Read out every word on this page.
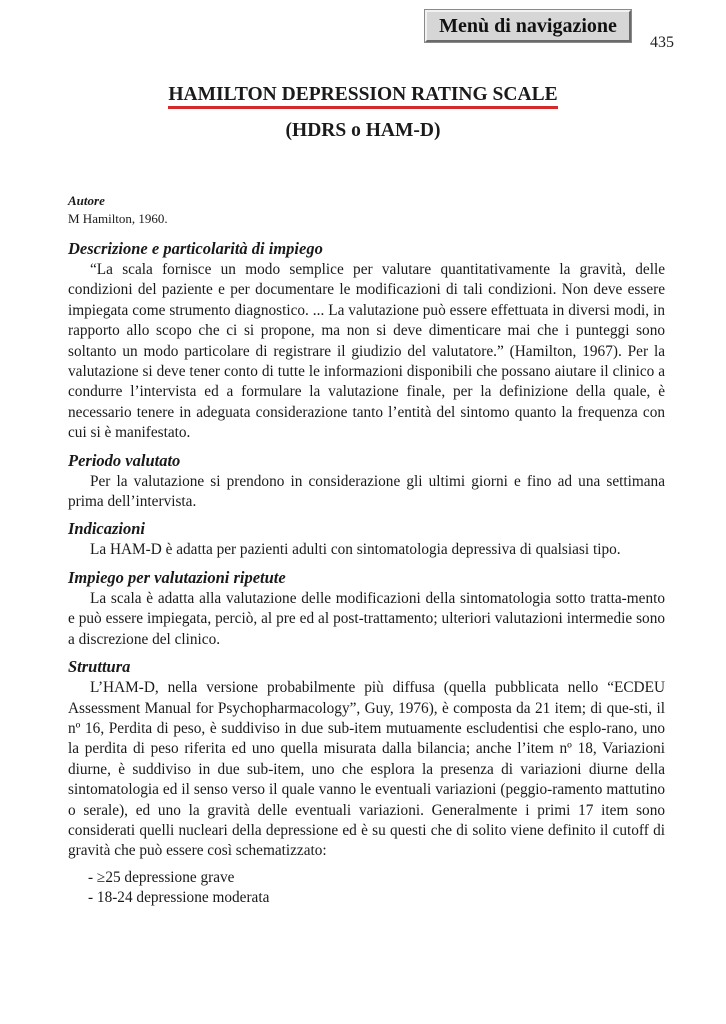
Menù di navigazione
435
HAMILTON DEPRESSION RATING SCALE
(HDRS o HAM-D)
Autore
M Hamilton, 1960.
Descrizione e particolarità di impiego

“La scala fornisce un modo semplice per valutare quantitativamente la gravità, delle condizioni del paziente e per documentare le modificazioni di tali condizioni. Non deve essere impiegata come strumento diagnostico. ... La valutazione può essere effettuata in diversi modi, in rapporto allo scopo che ci si propone, ma non si deve dimenticare mai che i punteggi sono soltanto un modo particolare di registrare il giudizio del valutatore.” (Hamilton, 1967). Per la valutazione si deve tener conto di tutte le informazioni disponibili che possano aiutare il clinico a condurre l’intervista ed a formulare la valutazione finale, per la definizione della quale, è necessario tenere in adeguata considerazione tanto l’entità del sintomo quanto la frequenza con cui si è manifestato.

Periodo valutato

Per la valutazione si prendono in considerazione gli ultimi giorni e fino ad una settimana prima dell’intervista.

Indicazioni

La HAM-D è adatta per pazienti adulti con sintomatologia depressiva di qualsiasi tipo.

Impiego per valutazioni ripetute

La scala è adatta alla valutazione delle modificazioni della sintomatologia sotto tratta-mento e può essere impiegata, perciò, al pre ed al post-trattamento; ulteriori valutazioni intermedie sono a discrezione del clinico.

Struttura

L’HAM-D, nella versione probabilmente più diffusa (quella pubblicata nello “ECDEU Assessment Manual for Psychopharmacology”, Guy, 1976), è composta da 21 item; di que-sti, il nº 16, Perdita di peso, è suddiviso in due sub-item mutuamente escludentisi che esplo-rano, uno la perdita di peso riferita ed uno quella misurata dalla bilancia; anche l’item nº 18, Variazioni diurne, è suddiviso in due sub-item, uno che esplora la presenza di variazioni diurne della sintomatologia ed il senso verso il quale vanno le eventuali variazioni (peggio-ramento mattutino o serale), ed uno la gravità delle eventuali variazioni. Generalmente i primi 17 item sono considerati quelli nucleari della depressione ed è su questi che di solito viene definito il cutoff di gravità che può essere così schematizzato:

- ≥25 depressione grave
- 18-24 depressione moderata
